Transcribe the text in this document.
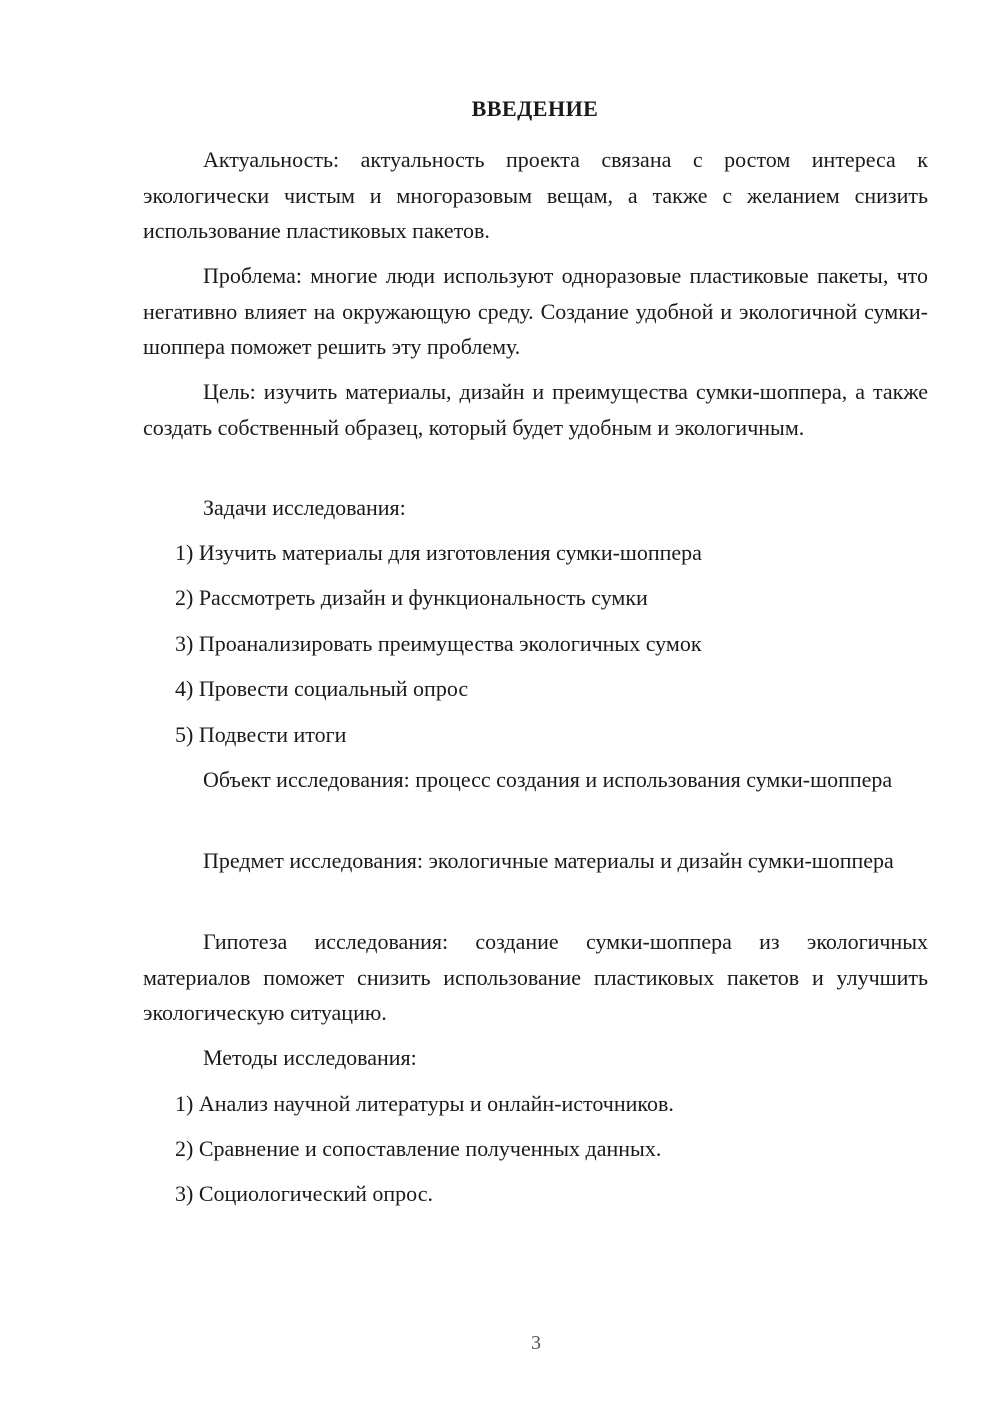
ВВЕДЕНИЕ
Актуальность: актуальность проекта связана с ростом интереса к экологически чистым и многоразовым вещам, а также с желанием снизить использование пластиковых пакетов.
Проблема: многие люди используют одноразовые пластиковые пакеты, что негативно влияет на окружающую среду. Создание удобной и экологичной сумки-шоппера поможет решить эту проблему.
Цель: изучить материалы, дизайн и преимущества сумки-шоппера, а также создать собственный образец, который будет удобным и экологичным.
Задачи исследования:
1) Изучить материалы для изготовления сумки-шоппера
2) Рассмотреть дизайн и функциональность сумки
3) Проанализировать преимущества экологичных сумок
4) Провести социальный опрос
5) Подвести итоги
Объект исследования: процесс создания и использования сумки-шоппера
Предмет исследования: экологичные материалы и дизайн сумки-шоппера
Гипотеза исследования: создание сумки-шоппера из экологичных материалов поможет снизить использование пластиковых пакетов и улучшить экологическую ситуацию.
Методы исследования:
1) Анализ научной литературы и онлайн-источников.
2) Сравнение и сопоставление полученных данных.
3) Социологический опрос.
3
